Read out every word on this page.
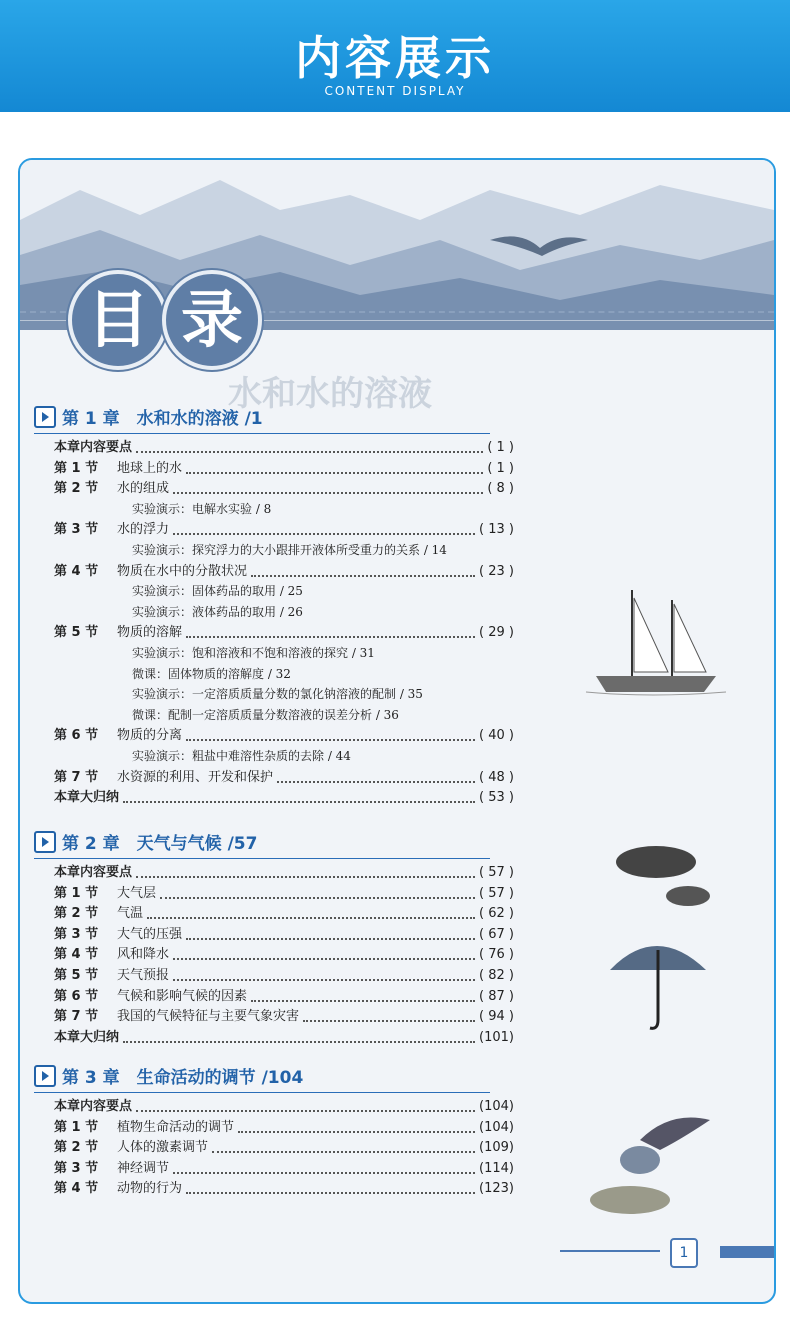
内容展示
CONTENT DISPLAY
目 录
水和水的溶液
第 1 章　水和水的溶液 /1
本章内容要点	( 1 )
第 1 节 地球上的水	( 1 )
第 2 节 水的组成	( 8 )
实验演示：电解水实验 / 8
第 3 节 水的浮力	( 13 )
实验演示：探究浮力的大小跟排开液体所受重力的关系 / 14
第 4 节 物质在水中的分散状况	( 23 )
实验演示：固体药品的取用 / 25
实验演示：液体药品的取用 / 26
第 5 节 物质的溶解	( 29 )
实验演示：饱和溶液和不饱和溶液的探究 / 31
微课：固体物质的溶解度 / 32
实验演示：一定溶质质量分数的氯化钠溶液的配制 / 35
微课：配制一定溶质质量分数溶液的误差分析 / 36
第 6 节 物质的分离	( 40 )
实验演示：粗盐中难溶性杂质的去除 / 44
第 7 节 水资源的利用、开发和保护	( 48 )
本章大归纳	( 53 )
第 2 章　天气与气候 /57
本章内容要点	( 57 )
第 1 节 大气层	( 57 )
第 2 节 气温	( 62 )
第 3 节 大气的压强	( 67 )
第 4 节 风和降水	( 76 )
第 5 节 天气预报	( 82 )
第 6 节 气候和影响气候的因素	( 87 )
第 7 节 我国的气候特征与主要气象灾害	( 94 )
本章大归纳	(101)
第 3 章　生命活动的调节 /104
本章内容要点	(104)
第 1 节 植物生命活动的调节	(104)
第 2 节 人体的激素调节	(109)
第 3 节 神经调节	(114)
第 4 节 动物的行为	(123)
1
